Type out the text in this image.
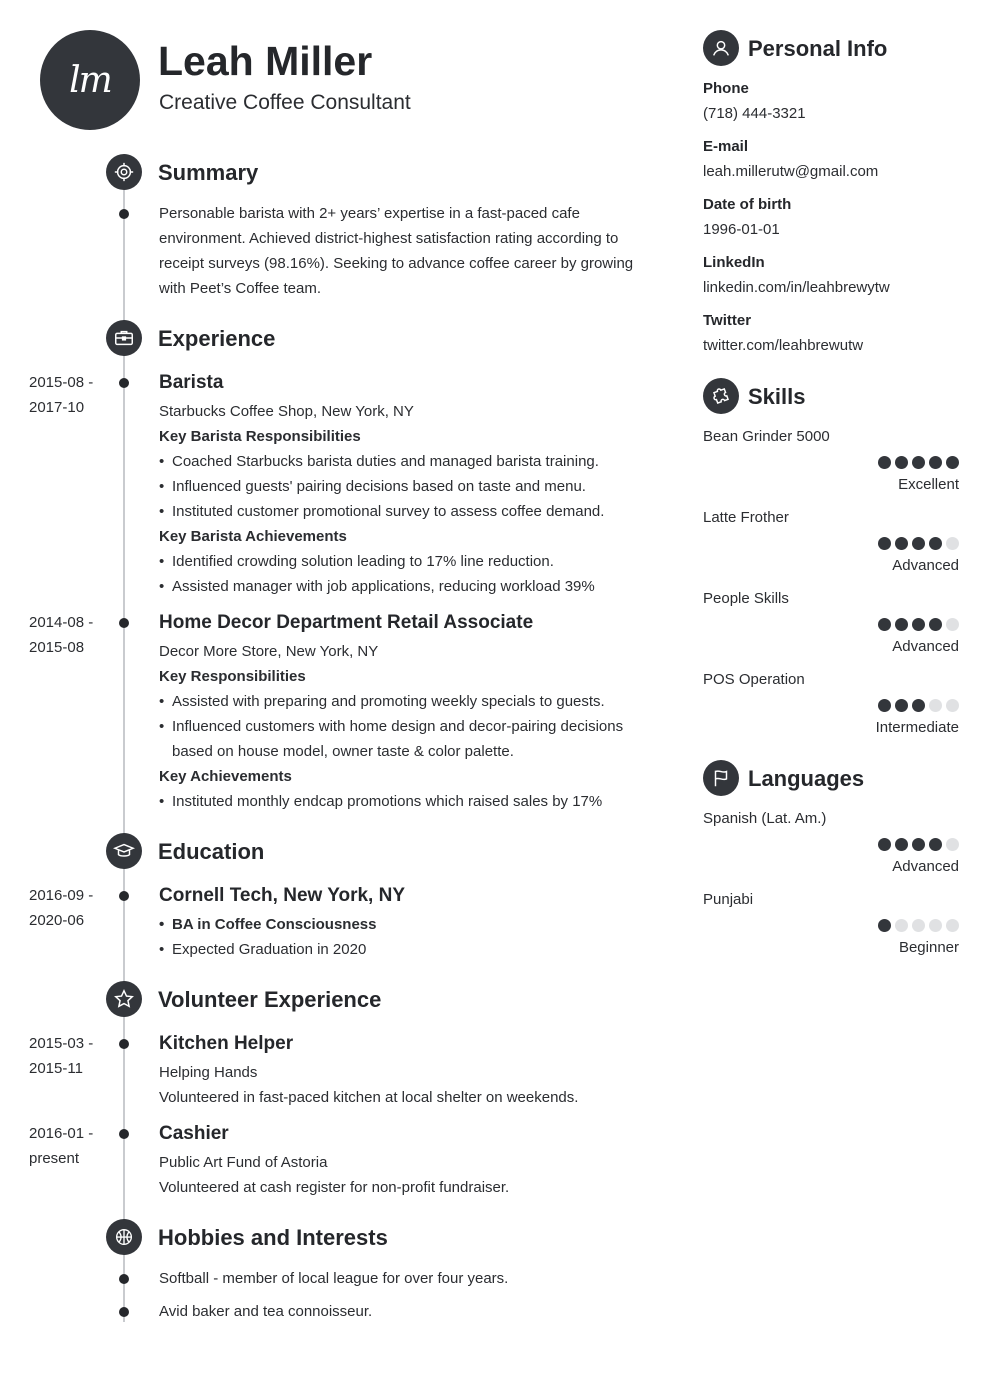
lm Leah Miller
Creative Coffee Consultant
Summary
Personable barista with 2+ years’ expertise in a fast-paced cafe
environment. Achieved district-highest satisfaction rating according to
receipt surveys (98.16%). Seeking to advance coffee career by growing
with Peet’s Coffee team.
Experience
2015-08 -
2017-10
Barista
Starbucks Coffee Shop, New York, NY
Key Barista Responsibilities
• Coached Starbucks barista duties and managed barista training.
• Influenced guests' pairing decisions based on taste and menu.
• Instituted customer promotional survey to assess coffee demand.
Key Barista Achievements
• Identified crowding solution leading to 17% line reduction.
• Assisted manager with job applications, reducing workload 39%
2014-08 -
2015-08
Home Decor Department Retail Associate
Decor More Store, New York, NY
Key Responsibilities
• Assisted with preparing and promoting weekly specials to guests.
• Influenced customers with home design and decor-pairing decisions
based on house model, owner taste & color palette.
Key Achievements
• Instituted monthly endcap promotions which raised sales by 17%
Education
2016-09 -
2020-06
Cornell Tech, New York, NY
• BA in Coffee Consciousness
• Expected Graduation in 2020
Volunteer Experience
2015-03 -
2015-11
Kitchen Helper
Helping Hands
Volunteered in fast-paced kitchen at local shelter on weekends.
2016-01 -
present
Cashier
Public Art Fund of Astoria
Volunteered at cash register for non-profit fundraiser.
Hobbies and Interests
Softball - member of local league for over four years.
Avid baker and tea connoisseur.
Personal Info
Phone
(718) 444-3321
E-mail
leah.millerutw@gmail.com
Date of birth
1996-01-01
LinkedIn
linkedin.com/in/leahbrewytw
Twitter
twitter.com/leahbrewutw
Skills
Bean Grinder 5000
Excellent
Latte Frother
Advanced
People Skills
Advanced
POS Operation
Intermediate
Languages
Spanish (Lat. Am.)
Advanced
Punjabi
Beginner
